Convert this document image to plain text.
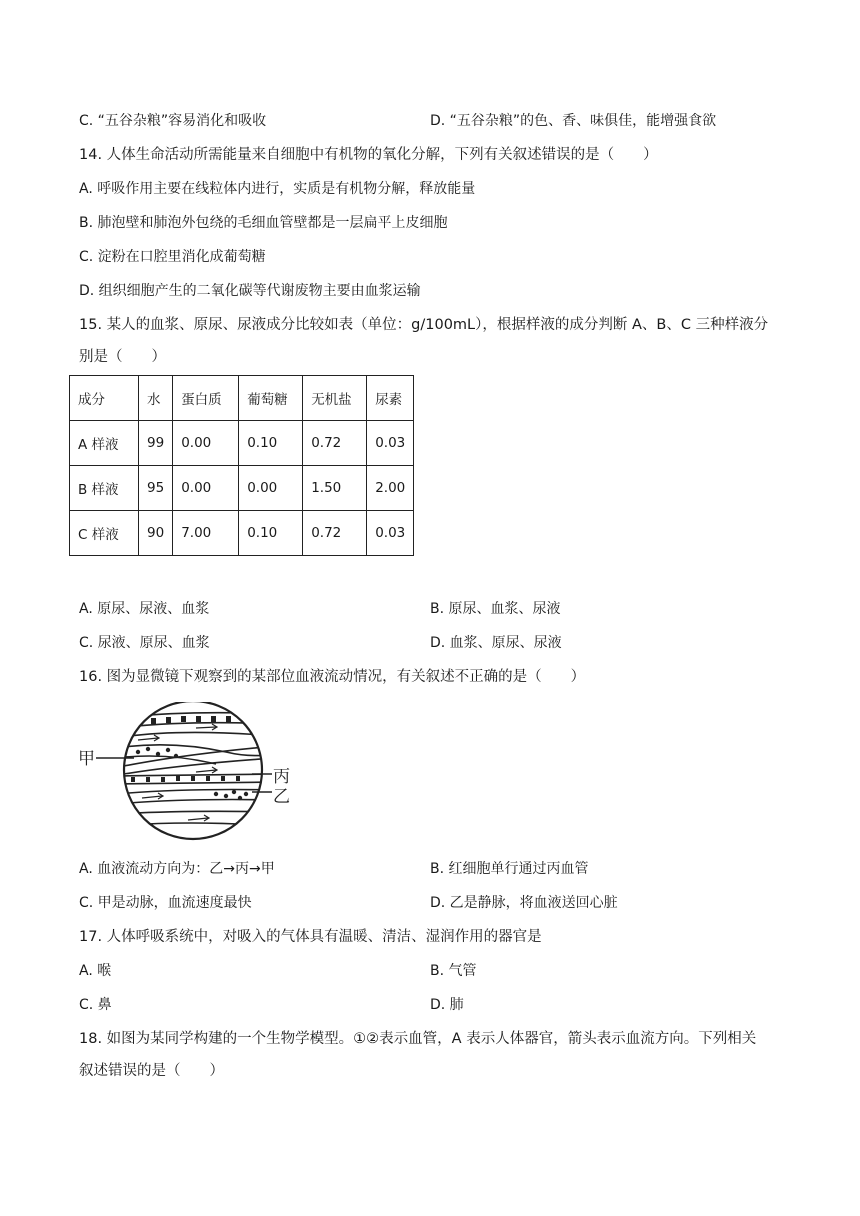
C. “五谷杂粮”容易消化和吸收	D. “五谷杂粮”的色、香、味俱佳，能增强食欲
14. 人体生命活动所需能量来自细胞中有机物的氧化分解，下列有关叙述错误的是（　　）
A. 呼吸作用主要在线粒体内进行，实质是有机物分解，释放能量
B. 肺泡壁和肺泡外包绕的毛细血管壁都是一层扁平上皮细胞
C. 淀粉在口腔里消化成葡萄糖
D. 组织细胞产生的二氧化碳等代谢废物主要由血浆运输
15. 某人的血浆、原尿、尿液成分比较如表（单位：g/100mL），根据样液的成分判断 A、B、C 三种样液分
别是（　　）
成分	水	蛋白质	葡萄糖	无机盐	尿素
A 样液	99	0.00	0.10	0.72	0.03
B 样液	95	0.00	0.00	1.50	2.00
C 样液	90	7.00	0.10	0.72	0.03
A. 原尿、尿液、血浆	B. 原尿、血浆、尿液
C. 尿液、原尿、血浆	D. 血浆、原尿、尿液
16. 图为显微镜下观察到的某部位血液流动情况，有关叙述不正确的是（　　）
甲
丙
乙
A. 血液流动方向为：乙→丙→甲	B. 红细胞单行通过丙血管
C. 甲是动脉，血流速度最快	D. 乙是静脉，将血液送回心脏
17. 人体呼吸系统中，对吸入的气体具有温暖、清洁、湿润作用的器官是
A. 喉	B. 气管
C. 鼻	D. 肺
18. 如图为某同学构建的一个生物学模型。①②表示血管，A 表示人体器官，箭头表示血流方向。下列相关
叙述错误的是（　　）
